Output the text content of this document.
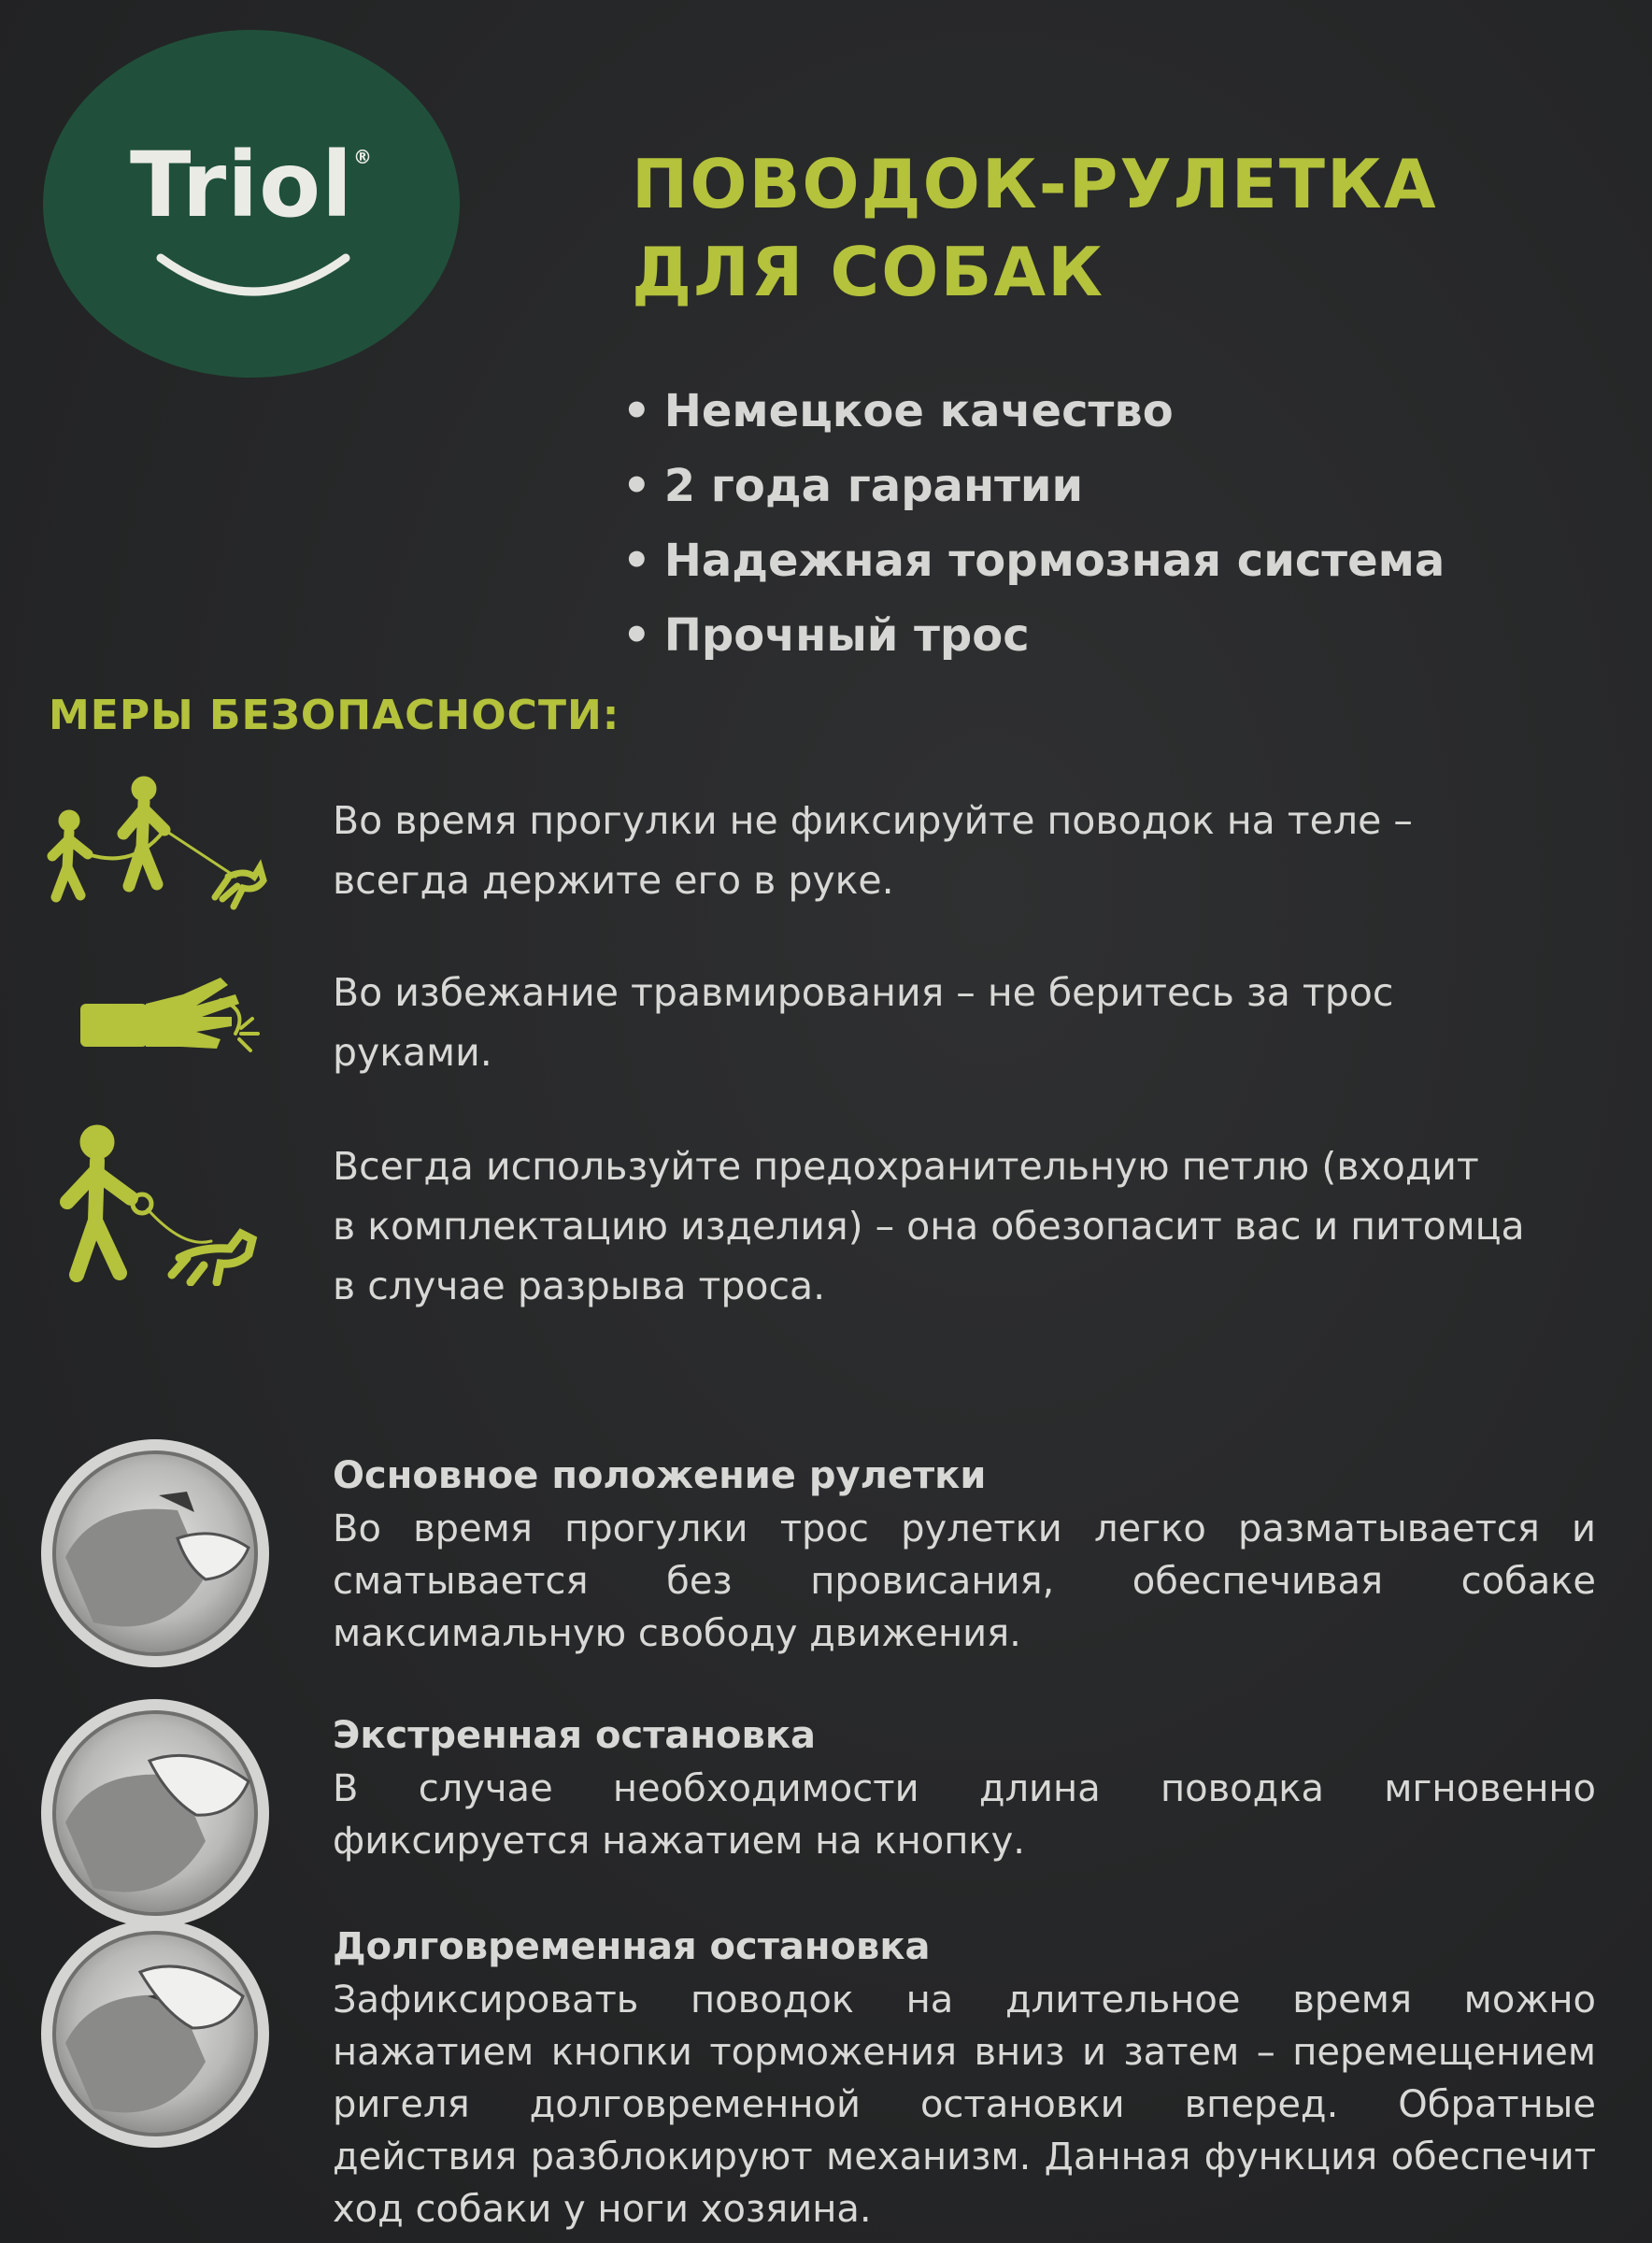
Triol®	ПОВОДОК-РУЛЕТКА
ДЛЯ СОБАК
• Немецкое качество
• 2 года гарантии
• Надежная тормозная система
• Прочный трос
МЕРЫ БЕЗОПАСНОСТИ:

Во время прогулки не фиксируйте поводок на теле –
всегда держите его в руке.

Во избежание травмирования – не беритесь за трос
руками.

Всегда используйте предохранительную петлю (входит
в комплектацию изделия) – она обезопасит вас и питомца
в случае разрыва троса.

Основное положение рулетки

Во время прогулки трос рулетки легко разматывается и сматывается без провисания, обеспечивая собаке максимальную свободу движения.

Экстренная остановка

В случае необходимости длина поводка мгновенно фиксируется нажатием на кнопку.

Долговременная остановка

Зафиксировать поводок на длительное время можно нажатием кнопки торможения вниз и затем – перемещением ригеля долговременной остановки вперед. Обратные действия разблокируют механизм. Данная функция обеспечит ход собаки у ноги хозяина.
